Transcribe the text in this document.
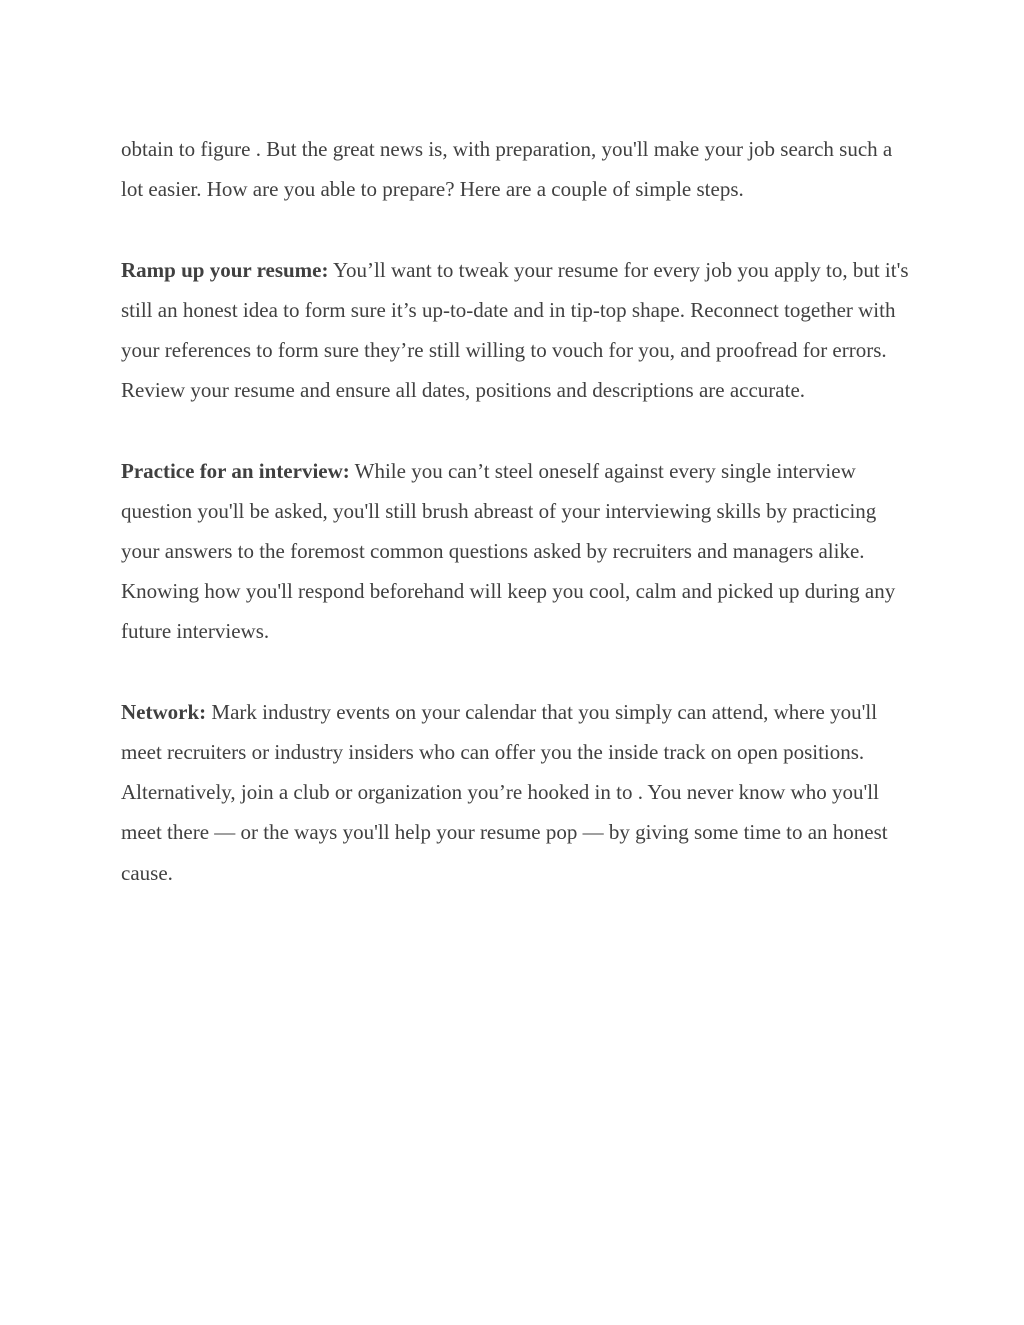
obtain to figure . But the great news is, with preparation, you'll make your job search such a lot easier. How are you able to prepare? Here are a couple of simple steps.

Ramp up your resume: You’ll want to tweak your resume for every job you apply to, but it's still an honest idea to form sure it’s up-to-date and in tip-top shape. Reconnect together with your references to form sure they’re still willing to vouch for you, and proofread for errors. Review your resume and ensure all dates, positions and descriptions are accurate.

Practice for an interview: While you can’t steel oneself against every single interview question you'll be asked, you'll still brush abreast of your interviewing skills by practicing your answers to the foremost common questions asked by recruiters and managers alike. Knowing how you'll respond beforehand will keep you cool, calm and picked up during any future interviews.

Network: Mark industry events on your calendar that you simply can attend, where you'll meet recruiters or industry insiders who can offer you the inside track on open positions. Alternatively, join a club or organization you’re hooked in to . You never know who you'll meet there — or the ways you'll help your resume pop — by giving some time to an honest cause.
